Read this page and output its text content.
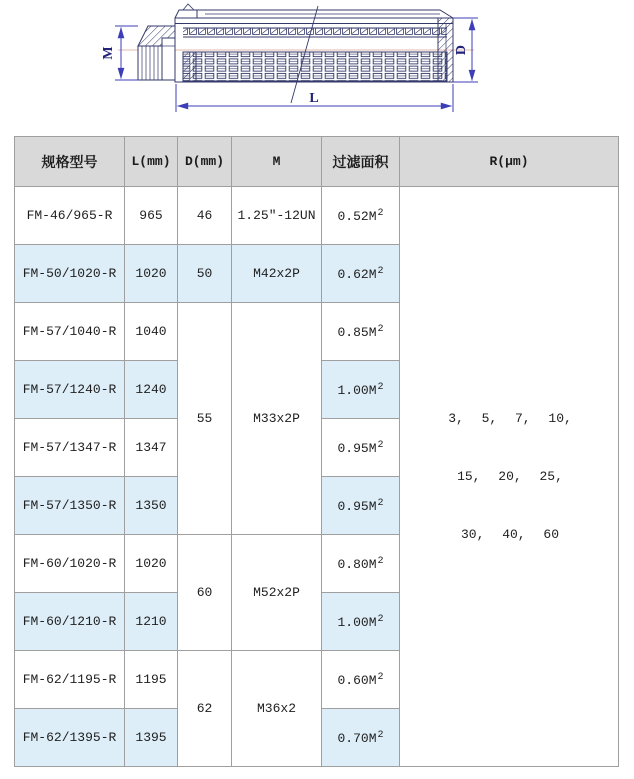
M	D
L
规格型号	L(mm)	D(mm)	M	过滤面积	R(μm)
FM-46/965-R	965	46	1.25"-12UN	$0.52M^2$	3, 5, 7, 10,
15, 20, 25,
30, 40, 60

FM-50/1020-R	1020	50	M42x2P	$0.62M^2$
FM-57/1040-R	1040	55	M33x2P	$0.85M^2$
FM-57/1240-R	1240			$1.00M^2$
FM-57/1347-R	1347			$0.95M^2$
FM-57/1350-R	1350			$0.95M^2$
FM-60/1020-R	1020	60	M52x2P	$0.80M^2$
FM-60/1210-R	1210			$1.00M^2$
FM-62/1195-R	1195	62	M36x2	$0.60M^2$
FM-62/1395-R	1395			$0.70M^2$
